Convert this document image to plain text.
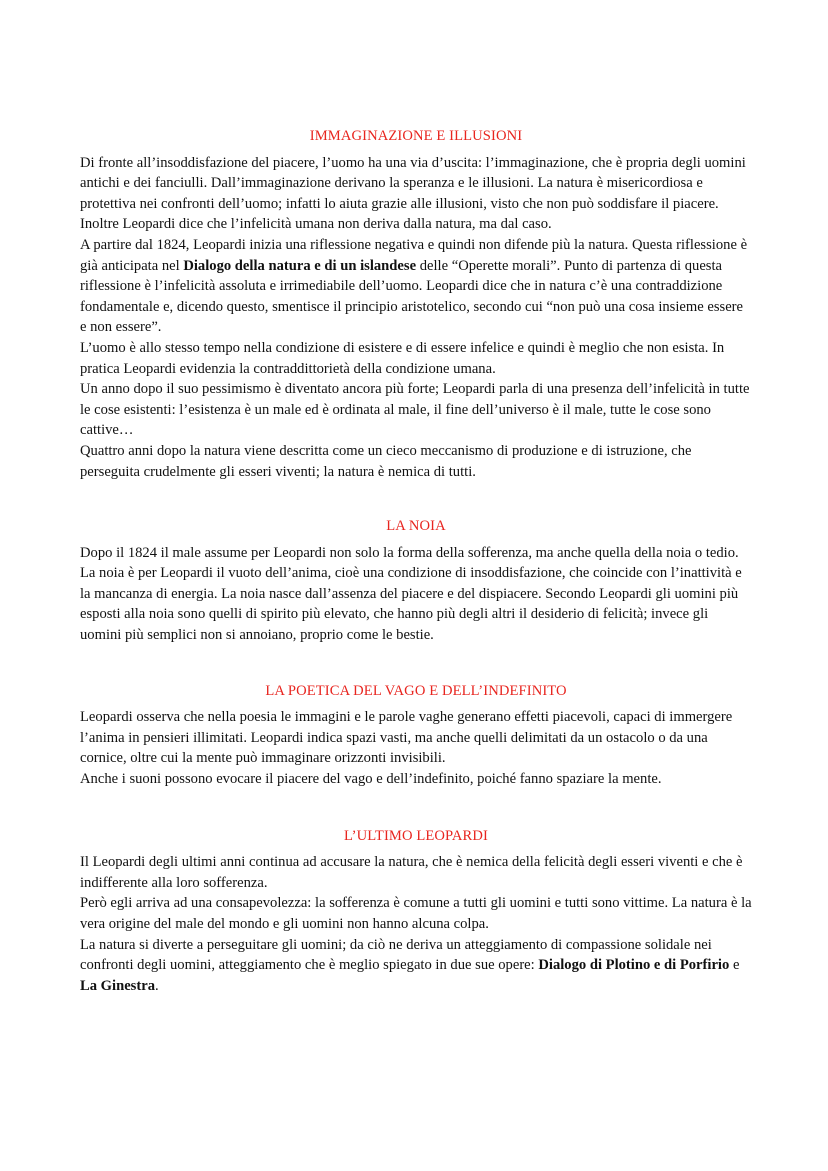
IMMAGINAZIONE E ILLUSIONI

Di fronte all’insoddisfazione del piacere, l’uomo ha una via d’uscita: l’immaginazione, che è propria degli uomini antichi e dei fanciulli. Dall’immaginazione derivano la speranza e le illusioni. La natura è misericordiosa e protettiva nei confronti dell’uomo; infatti lo aiuta grazie alle illusioni, visto che non può soddisfare il piacere. Inoltre Leopardi dice che l’infelicità umana non deriva dalla natura, ma dal caso.

A partire dal 1824, Leopardi inizia una riflessione negativa e quindi non difende più la natura. Questa riflessione è già anticipata nel Dialogo della natura e di un islandese delle “Operette morali”. Punto di partenza di questa riflessione è l’infelicità assoluta e irrimediabile dell’uomo. Leopardi dice che in natura c’è una contraddizione fondamentale e, dicendo questo, smentisce il principio aristotelico, secondo cui “non può una cosa insieme essere e non essere”.

L’uomo è allo stesso tempo nella condizione di esistere e di essere infelice e quindi è meglio che non esista. In pratica Leopardi evidenzia la contraddittorietà della condizione umana.

Un anno dopo il suo pessimismo è diventato ancora più forte; Leopardi parla di una presenza dell’infelicità in tutte le cose esistenti: l’esistenza è un male ed è ordinata al male, il fine dell’universo è il male, tutte le cose sono cattive…

Quattro anni dopo la natura viene descritta come un cieco meccanismo di produzione e di istruzione, che perseguita crudelmente gli esseri viventi; la natura è nemica di tutti.

LA NOIA

Dopo il 1824 il male assume per Leopardi non solo la forma della sofferenza, ma anche quella della noia o tedio. La noia è per Leopardi il vuoto dell’anima, cioè una condizione di insoddisfazione, che coincide con l’inattività e la mancanza di energia. La noia nasce dall’assenza del piacere e del dispiacere. Secondo Leopardi gli uomini più esposti alla noia sono quelli di spirito più elevato, che hanno più degli altri il desiderio di felicità; invece gli uomini più semplici non si annoiano, proprio come le bestie.

LA POETICA DEL VAGO E DELL’INDEFINITO

Leopardi osserva che nella poesia le immagini e le parole vaghe generano effetti piacevoli, capaci di immergere l’anima in pensieri illimitati. Leopardi indica spazi vasti, ma anche quelli delimitati da un ostacolo o da una cornice, oltre cui la mente può immaginare orizzonti invisibili.

Anche i suoni possono evocare il piacere del vago e dell’indefinito, poiché fanno spaziare la mente.

L’ULTIMO LEOPARDI

Il Leopardi degli ultimi anni continua ad accusare la natura, che è nemica della felicità degli esseri viventi e che è indifferente alla loro sofferenza.

Però egli arriva ad una consapevolezza: la sofferenza è comune a tutti gli uomini e tutti sono vittime. La natura è la vera origine del male del mondo e gli uomini non hanno alcuna colpa.

La natura si diverte a perseguitare gli uomini; da ciò ne deriva un atteggiamento di compassione solidale nei confronti degli uomini, atteggiamento che è meglio spiegato in due sue opere: Dialogo di Plotino e di Porfirio e La Ginestra.
